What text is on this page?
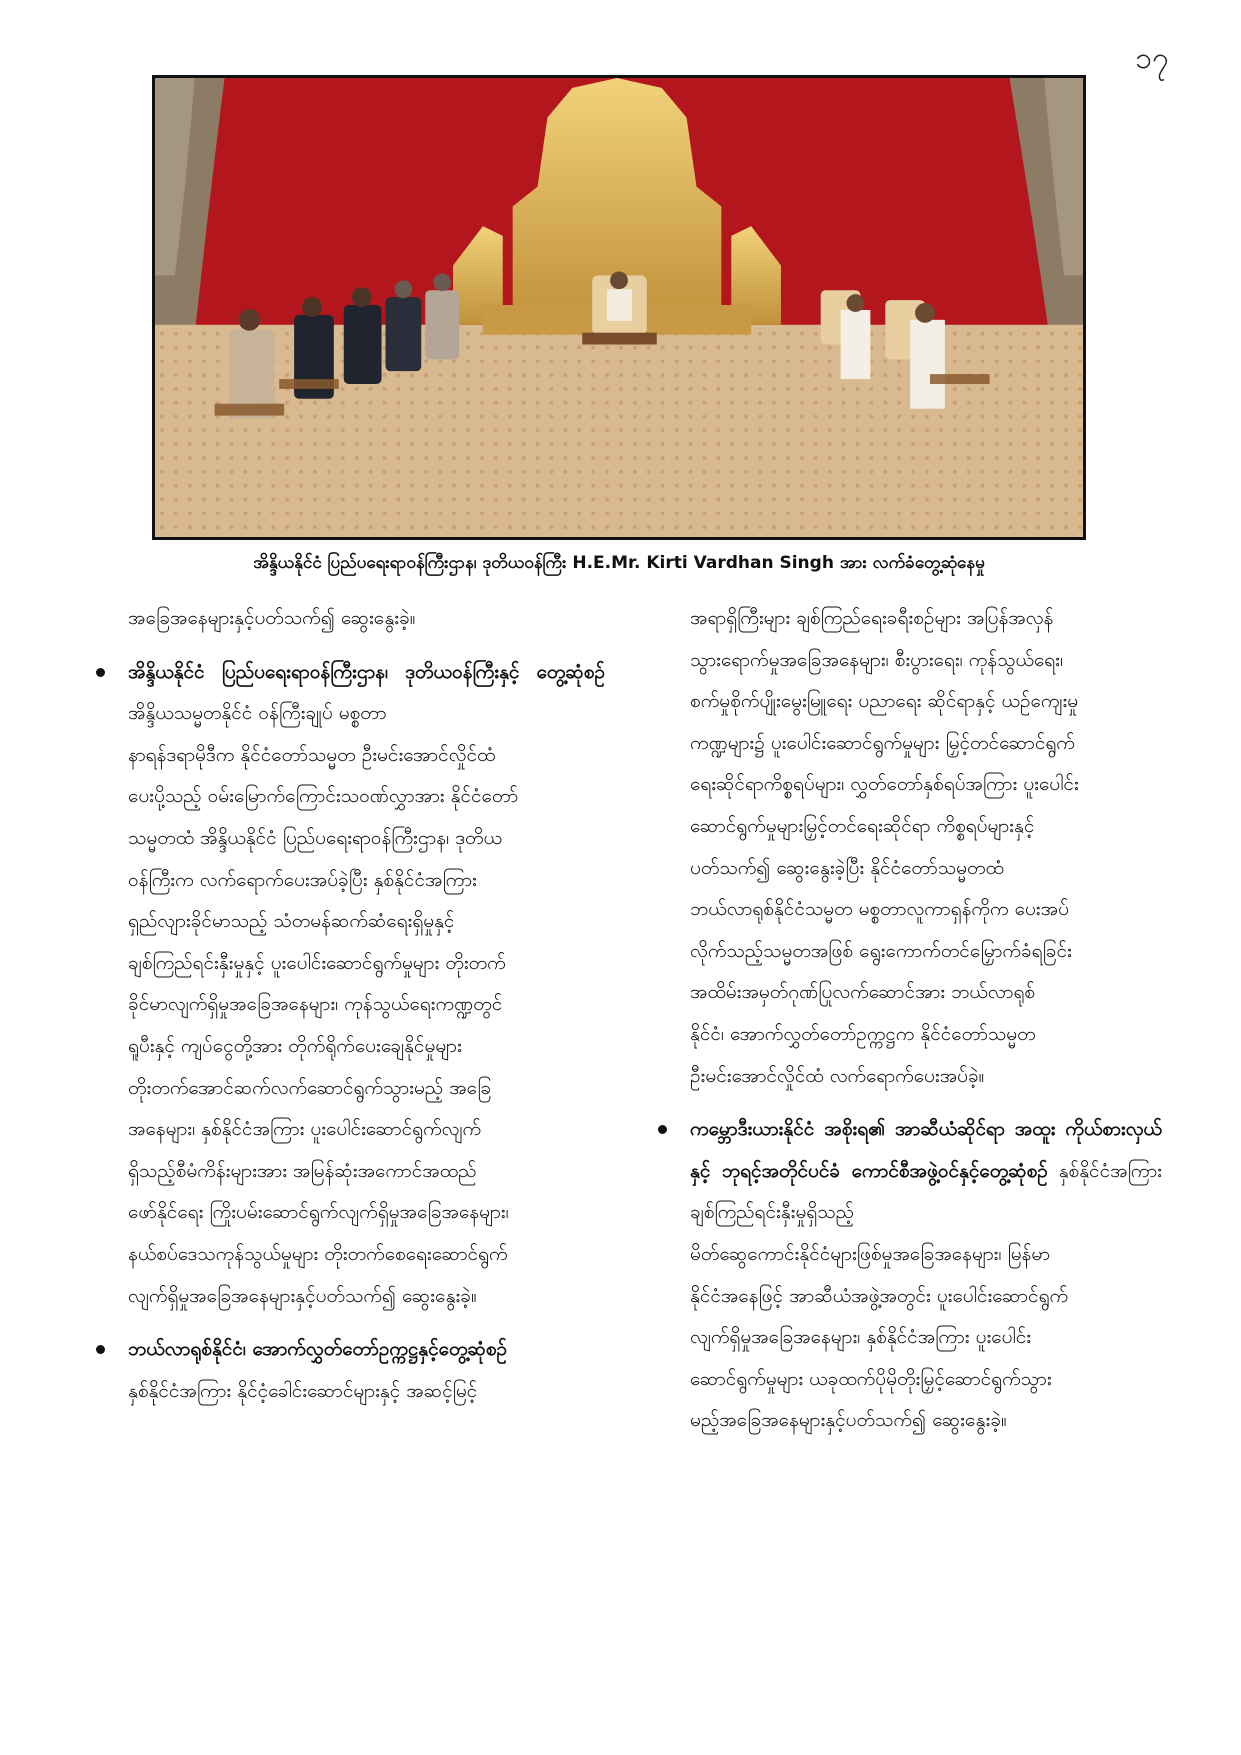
၁၇
အိန္ဒိယနိုင်ငံ ပြည်ပရေးရာဝန်ကြီးဌာန၊ ဒုတိယဝန်ကြီး H.E.Mr. Kirti Vardhan Singh အား လက်ခံတွေ့ဆုံနေမှု
အခြေအနေများနှင့်ပတ်သက်၍ ဆွေးနွေးခဲ့။
အိန္ဒိယနိုင်ငံ ပြည်ပရေးရာဝန်ကြီးဌာန၊ ဒုတိယဝန်ကြီးနှင့် တွေ့ဆုံစဉ် အိန္ဒိယသမ္မတနိုင်ငံ ဝန်ကြီးချုပ် မစ္စတာ
နာရန်ဒရာမိုဒီက နိုင်ငံတော်သမ္မတ ဦးမင်းအောင်လှိုင်ထံ
ပေးပို့သည့် ဝမ်းမြောက်ကြောင်းသဝဏ်လွှာအား နိုင်ငံတော်
သမ္မတထံ အိန္ဒိယနိုင်ငံ ပြည်ပရေးရာဝန်ကြီးဌာန၊ ဒုတိယ
ဝန်ကြီးက လက်ရောက်ပေးအပ်ခဲ့ပြီး နှစ်နိုင်ငံအကြား
ရှည်လျားခိုင်မာသည့် သံတမန်ဆက်ဆံရေးရှိမှုနှင့်
ချစ်ကြည်ရင်းနှီးမှုနှင့် ပူးပေါင်းဆောင်ရွက်မှုများ တိုးတက်
ခိုင်မာလျက်ရှိမှုအခြေအနေများ၊ ကုန်သွယ်ရေးကဏ္ဍတွင်
ရူပီးနှင့် ကျပ်ငွေတို့အား တိုက်ရိုက်ပေးချေနိုင်မှုများ
တိုးတက်အောင်ဆက်လက်ဆောင်ရွက်သွားမည့် အခြေ
အနေများ၊ နှစ်နိုင်ငံအကြား ပူးပေါင်းဆောင်ရွက်လျက်
ရှိသည့်စီမံကိန်းများအား အမြန်ဆုံးအကောင်အထည်
ဖော်နိုင်ရေး ကြိုးပမ်းဆောင်ရွက်လျက်ရှိမှုအခြေအနေများ၊
နယ်စပ်ဒေသကုန်သွယ်မှုများ တိုးတက်စေရေးဆောင်ရွက်
လျက်ရှိမှုအခြေအနေများနှင့်ပတ်သက်၍ ဆွေးနွေးခဲ့။
ဘယ်လာရုစ်နိုင်ငံ၊ အောက်လွှတ်တော်ဥက္ကဋ္ဌနှင့်တွေ့ဆုံစဉ်
နှစ်နိုင်ငံအကြား နိုင်ငံ့ခေါင်းဆောင်များနှင့် အဆင့်မြင့်
အရာရှိကြီးများ ချစ်ကြည်ရေးခရီးစဉ်များ အပြန်အလှန်
သွားရောက်မှုအခြေအနေများ၊ စီးပွားရေး၊ ကုန်သွယ်ရေး၊
စက်မှုစိုက်ပျိုးမွေးမြူရေး ပညာရေး ဆိုင်ရာနှင့် ယဉ်ကျေးမှု
ကဏ္ဍများ၌ ပူးပေါင်းဆောင်ရွက်မှုများ မြှင့်တင်ဆောင်ရွက်
ရေးဆိုင်ရာကိစ္စရပ်များ၊ လွှတ်တော်နှစ်ရပ်အကြား ပူးပေါင်း
ဆောင်ရွက်မှုများမြှင့်တင်ရေးဆိုင်ရာ ကိစ္စရပ်များနှင့်
ပတ်သက်၍ ဆွေးနွေးခဲ့ပြီး နိုင်ငံတော်သမ္မတထံ
ဘယ်လာရုစ်နိုင်ငံသမ္မတ မစ္စတာလူကာရှန်ကိုက ပေးအပ်
လိုက်သည့်သမ္မတအဖြစ် ရွေးကောက်တင်မြှောက်ခံရခြင်း
အထိမ်းအမှတ်ဂုဏ်ပြုလက်ဆောင်အား ဘယ်လာရုစ်
နိုင်ငံ၊ အောက်လွှတ်တော်ဥက္ကဋ္ဌက နိုင်ငံတော်သမ္မတ
ဦးမင်းအောင်လှိုင်ထံ လက်ရောက်ပေးအပ်ခဲ့။
ကမ္ဘောဒီးယားနိုင်ငံ အစိုးရ၏ အာဆီယံဆိုင်ရာ အထူး ကိုယ်စားလှယ်နှင့် ဘုရင့်အတိုင်ပင်ခံ ကောင်စီအဖွဲ့ဝင်နှင့်တွေ့ဆုံစဉ် နှစ်နိုင်ငံအကြား ချစ်ကြည်ရင်းနှီးမှုရှိသည့်
မိတ်ဆွေကောင်းနိုင်ငံများဖြစ်မှုအခြေအနေများ၊ မြန်မာ
နိုင်ငံအနေဖြင့် အာဆီယံအဖွဲ့အတွင်း ပူးပေါင်းဆောင်ရွက်
လျက်ရှိမှုအခြေအနေများ၊ နှစ်နိုင်ငံအကြား ပူးပေါင်း
ဆောင်ရွက်မှုများ ယခုထက်ပိုမိုတိုးမြှင့်ဆောင်ရွက်သွား
မည့်အခြေအနေများနှင့်ပတ်သက်၍ ဆွေးနွေးခဲ့။
